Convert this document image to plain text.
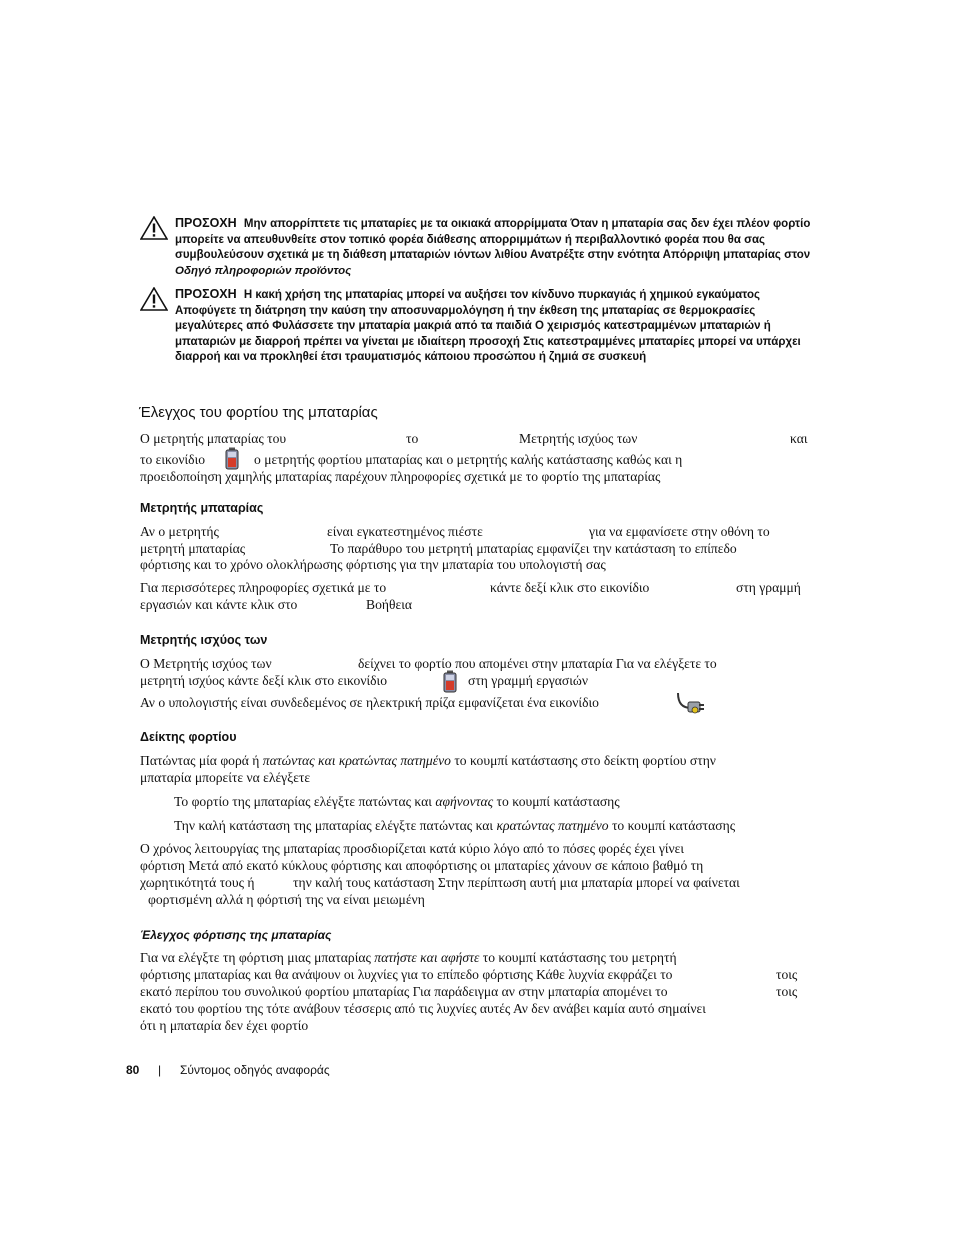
ΠΡΟΣΟΧΗ Μην απορρίπτετε τις μπαταρίες με τα οικιακά απορρίμματα Όταν η μπαταρία σας δεν έχει πλέον φορτίο μπορείτε να απευθυνθείτε στον τοπικό φορέα διάθεσης απορριμμάτων ή περιβαλλοντικό φορέα που θα σας συμβουλεύσουν σχετικά με τη διάθεση μπαταριών ιόντων λιθίου Ανατρέξτε στην ενότητα Απόρριψη μπαταρίας στον Οδηγό πληροφοριών προϊόντος
ΠΡΟΣΟΧΗ Η κακή χρήση της μπαταρίας μπορεί να αυξήσει τον κίνδυνο πυρκαγιάς ή χημικού εγκαύματος Αποφύγετε τη διάτρηση την καύση την αποσυναρμολόγηση ή την έκθεση της μπαταρίας σε θερμοκρασίες μεγαλύτερες από Φυλάσσετε την μπαταρία μακριά από τα παιδιά Ο χειρισμός κατεστραμμένων μπαταριών ή μπαταριών με διαρροή πρέπει να γίνεται με ιδιαίτερη προσοχή Στις κατεστραμμένες μπαταρίες μπορεί να υπάρχει διαρροή και να προκληθεί έτσι τραυματισμός κάποιου προσώπου ή ζημιά σε συσκευή
Έλεγχος του φορτίου της μπαταρίας
Ο μετρητής μπαταρίας του	το	Μετρητής ισχύος των	και
το εικονίδιο	ο μετρητής φορτίου μπαταρίας και ο μετρητής καλής κατάστασης καθώς και η
προειδοποίηση χαμηλής μπαταρίας παρέχουν πληροφορίες σχετικά με το φορτίο της μπαταρίας
Μετρητής μπαταρίας
Αν ο μετρητής	είναι εγκατεστημένος πιέστε	για να εμφανίσετε στην οθόνη το
μετρητή μπαταρίας	Το παράθυρο του μετρητή μπαταρίας εμφανίζει την κατάσταση το επίπεδο
φόρτισης και το χρόνο ολοκλήρωσης φόρτισης για την μπαταρία του υπολογιστή σας
Για περισσότερες πληροφορίες σχετικά με το	κάντε δεξί κλικ στο εικονίδιο	στη γραμμή
εργασιών και κάντε κλικ στο	Βοήθεια
Μετρητής ισχύος των
Ο Μετρητής ισχύος των	δείχνει το φορτίο που απομένει στην μπαταρία Για να ελέγξετε το
μετρητή ισχύος κάντε δεξί κλικ στο εικονίδιο	στη γραμμή εργασιών
Αν ο υπολογιστής είναι συνδεδεμένος σε ηλεκτρική πρίζα εμφανίζεται ένα εικονίδιο
Δείκτης φορτίου
Πατώντας μία φορά ή πατώντας και κρατώντας πατημένο το κουμπί κατάστασης στο δείκτη φορτίου στην
μπαταρία μπορείτε να ελέγξετε
Το φορτίο της μπαταρίας ελέγξτε πατώντας και αφήνοντας το κουμπί κατάστασης
Την καλή κατάσταση της μπαταρίας ελέγξτε πατώντας και κρατώντας πατημένο το κουμπί κατάστασης
Ο χρόνος λειτουργίας της μπαταρίας προσδιορίζεται κατά κύριο λόγο από το πόσες φορές έχει γίνει
φόρτιση Μετά από εκατό κύκλους φόρτισης και αποφόρτισης οι μπαταρίες χάνουν σε κάποιο βαθμό τη
χωρητικότητά τους ή	την καλή τους κατάσταση Στην περίπτωση αυτή μια μπαταρία μπορεί να φαίνεται
φορτισμένη αλλά η φόρτισή της να είναι μειωμένη
Έλεγχος φόρτισης της μπαταρίας
Για να ελέγξτε τη φόρτιση μιας μπαταρίας πατήστε και αφήστε το κουμπί κατάστασης του μετρητή
φόρτισης μπαταρίας και θα ανάψουν οι λυχνίες για το επίπεδο φόρτισης Κάθε λυχνία εκφράζει το	τοις
εκατό περίπου του συνολικού φορτίου μπαταρίας Για παράδειγμα αν στην μπαταρία απομένει το	τοις
εκατό του φορτίου της τότε ανάβουν τέσσερις από τις λυχνίες αυτές Αν δεν ανάβει καμία αυτό σημαίνει
ότι η μπαταρία δεν έχει φορτίο
80 | Σύντομος οδηγός αναφοράς
